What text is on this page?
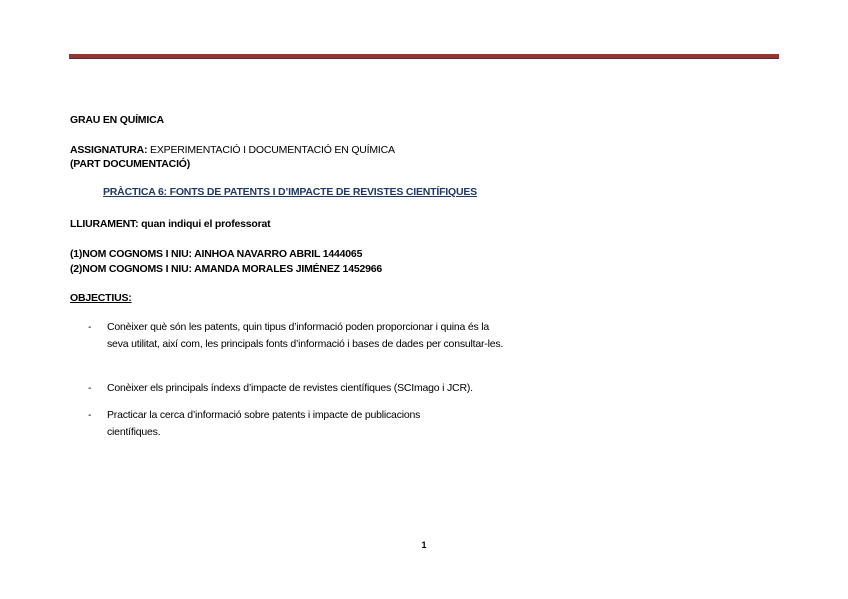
GRAU EN QUÍMICA
ASSIGNATURA: EXPERIMENTACIÓ I DOCUMENTACIÓ EN QUÍMICA
(PART DOCUMENTACIÓ)
PRÀCTICA 6: FONTS DE PATENTS I D’IMPACTE DE REVISTES CIENTÍFIQUES
LLIURAMENT: quan indiqui el professorat
(1)NOM COGNOMS I NIU: AINHOA NAVARRO ABRIL 1444065
(2)NOM COGNOMS I NIU: AMANDA MORALES JIMÉNEZ 1452966
OBJECTIUS:
-	Conèixer què són les patents, quin tipus d’informació poden proporcionar i quina és la seva utilitat, així com, les principals fonts d’informació i bases de dades per consultar-les.
-	Conèixer els principals índexs d’impacte de revistes científiques (SCImago i JCR).
-	Practicar la cerca d’informació sobre patents i impacte de publicacions científiques.
1
